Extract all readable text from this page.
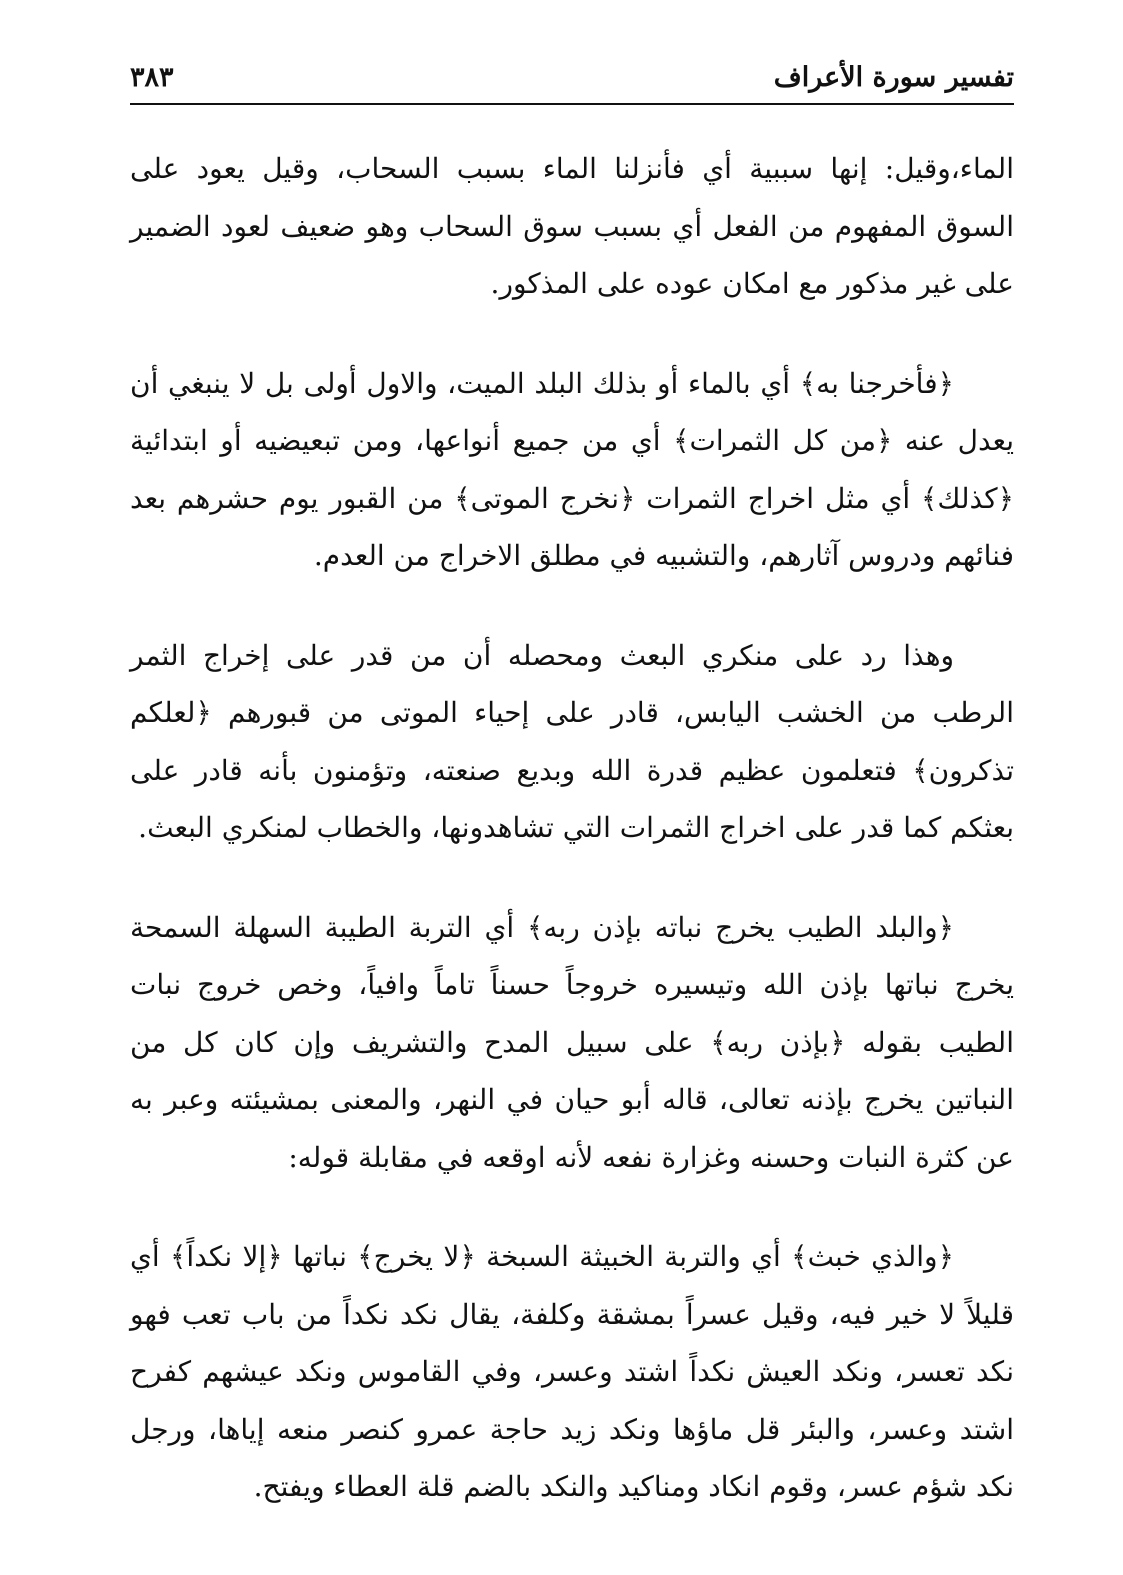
تفسير سورة الأعراف
٣٨٣

الماء،وقيل: إنها سببية أي فأنزلنا الماء بسبب السحاب، وقيل يعود على السوق المفهوم من الفعل أي بسبب سوق السحاب وهو ضعيف لعود الضمير على غير مذكور مع امكان عوده على المذكور.

﴿فأخرجنا به﴾ أي بالماء أو بذلك البلد الميت، والاول أولى بل لا ينبغي أن يعدل عنه ﴿من كل الثمرات﴾ أي من جميع أنواعها، ومن تبعيضيه أو ابتدائية ﴿كذلك﴾ أي مثل اخراج الثمرات ﴿نخرج الموتى﴾ من القبور يوم حشرهم بعد فنائهم ودروس آثارهم، والتشبيه في مطلق الاخراج من العدم.

وهذا رد على منكري البعث ومحصله أن من قدر على إخراج الثمر الرطب من الخشب اليابس، قادر على إحياء الموتى من قبورهم ﴿لعلكم تذكرون﴾ فتعلمون عظيم قدرة الله وبديع صنعته، وتؤمنون بأنه قادر على بعثكم كما قدر على اخراج الثمرات التي تشاهدونها، والخطاب لمنكري البعث.

﴿والبلد الطيب يخرج نباته بإذن ربه﴾ أي التربة الطيبة السهلة السمحة يخرج نباتها بإذن الله وتيسيره خروجاً حسناً تاماً وافياً، وخص خروج نبات الطيب بقوله ﴿بإذن ربه﴾ على سبيل المدح والتشريف وإن كان كل من النباتين يخرج بإذنه تعالى، قاله أبو حيان في النهر، والمعنى بمشيئته وعبر به عن كثرة النبات وحسنه وغزارة نفعه لأنه اوقعه في مقابلة قوله:

﴿والذي خبث﴾ أي والتربة الخبيثة السبخة ﴿لا يخرج﴾ نباتها ﴿إلا نكداً﴾ أي قليلاً لا خير فيه، وقيل عسراً بمشقة وكلفة، يقال نكد نكداً من باب تعب فهو نكد تعسر، ونكد العيش نكداً اشتد وعسر، وفي القاموس ونكد عيشهم كفرح اشتد وعسر، والبئر قل ماؤها ونكد زيد حاجة عمرو كنصر منعه إياها، ورجل نكد شؤم عسر، وقوم انكاد ومناكيد والنكد بالضم قلة العطاء ويفتح.
